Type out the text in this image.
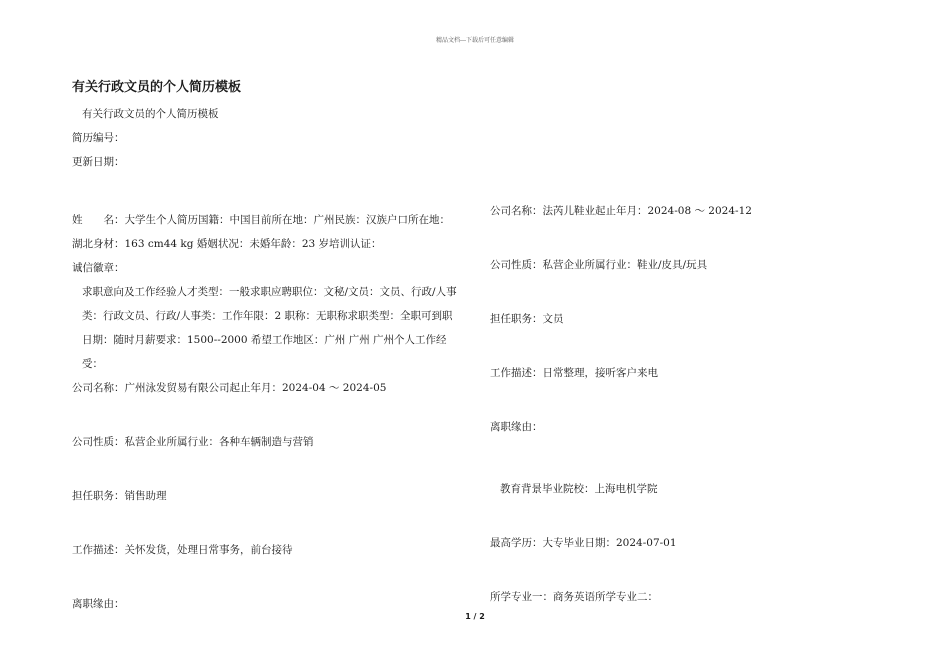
精品文档---下载后可任意编辑
有关行政文员的个人简历模板

有关行政文员的个人简历模板

简历编号：

更新日期：

姓　　名：大学生个人简历国籍：中国目前所在地：广州民族：汉族户口所在地：湖北身材：163 cm44 kg 婚姻状况：未婚年龄：23 岁培训认证：

诚信徽章：

求职意向及工作经验人才类型：一般求职应聘职位：文秘/文员：文员、行政/人事类：行政文员、行政/人事类：工作年限：2 职称：无职称求职类型：全职可到职日期：随时月薪要求：1500--2000 希望工作地区：广州 广州 广州个人工作经受：

公司名称：广州泳发贸易有限公司起止年月：2024-04 ～ 2024-05

公司性质：私营企业所属行业：各种车辆制造与营销

担任职务：销售助理

工作描述：关怀发货，处理日常事务，前台接待

离职缘由：

公司名称：法芮儿鞋业起止年月：2024-08 ～ 2024-12

公司性质：私营企业所属行业：鞋业/皮具/玩具

担任职务：文员

工作描述：日常整理，接听客户来电

离职缘由：

教育背景毕业院校：上海电机学院

最高学历：大专毕业日期：2024-07-01

所学专业一：商务英语所学专业二：

1 / 2
